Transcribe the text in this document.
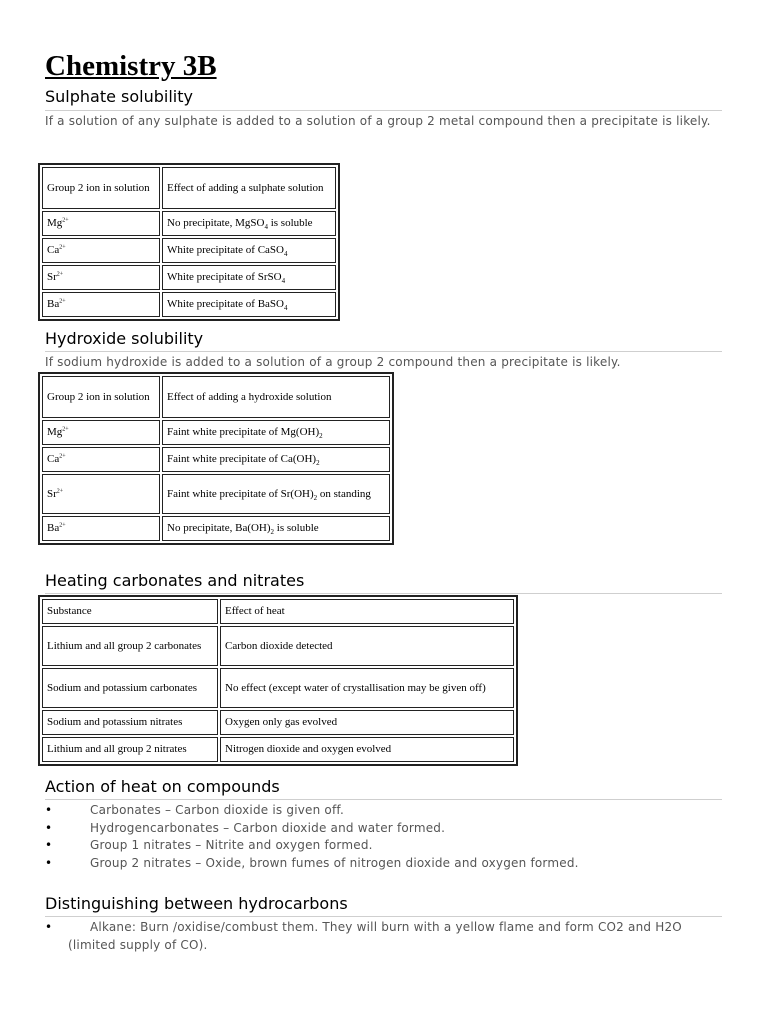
Chemistry 3B
Sulphate solubility

If a solution of any sulphate is added to a solution of a group 2 metal compound then a precipitate is likely.

Group 2 ion in solution	Effect of adding a sulphate solution
$Mg^{2+}$	No precipitate, MgSO$_4$ is soluble
$Ca^{2+}$	White precipitate of CaSO$_4$
$Sr^{2+}$	White precipitate of SrSO$_4$
$Ba^{2+}$	White precipitate of BaSO$_4$
Hydroxide solubility

If sodium hydroxide is added to a solution of a group 2 compound then a precipitate is likely.

Group 2 ion in solution	Effect of adding a hydroxide solution
$Mg^{2+}$	Faint white precipitate of $Mg(OH)_2$
$Ca^{2+}$	Faint white precipitate of $Ca(OH)_2$
$Sr^{2+}$	Faint white precipitate of $Sr(OH)_2$ on standing
$Ba^{2+}$	No precipitate, $Ba(OH)_2$ is soluble
Heating carbonates and nitrates
Substance	Effect of heat
Lithium and all group 2 carbonates	Carbon dioxide detected
Sodium and potassium carbonates	No effect (except water of crystallisation may be given off)
Sodium and potassium nitrates	Oxygen only gas evolved
Lithium and all group 2 nitrates	Nitrogen dioxide and oxygen evolved
Action of heat on compounds
•	Carbonates – Carbon dioxide is given off.
•	Hydrogencarbonates – Carbon dioxide and water formed.
•	Group 1 nitrates – Nitrite and oxygen formed.
•	Group 2 nitrates – Oxide, brown fumes of nitrogen dioxide and oxygen formed.
Distinguishing between hydrocarbons
•	Alkane: Burn /oxidise/combust them. They will burn with a yellow flame and form CO2 and H2O (limited supply of CO).
